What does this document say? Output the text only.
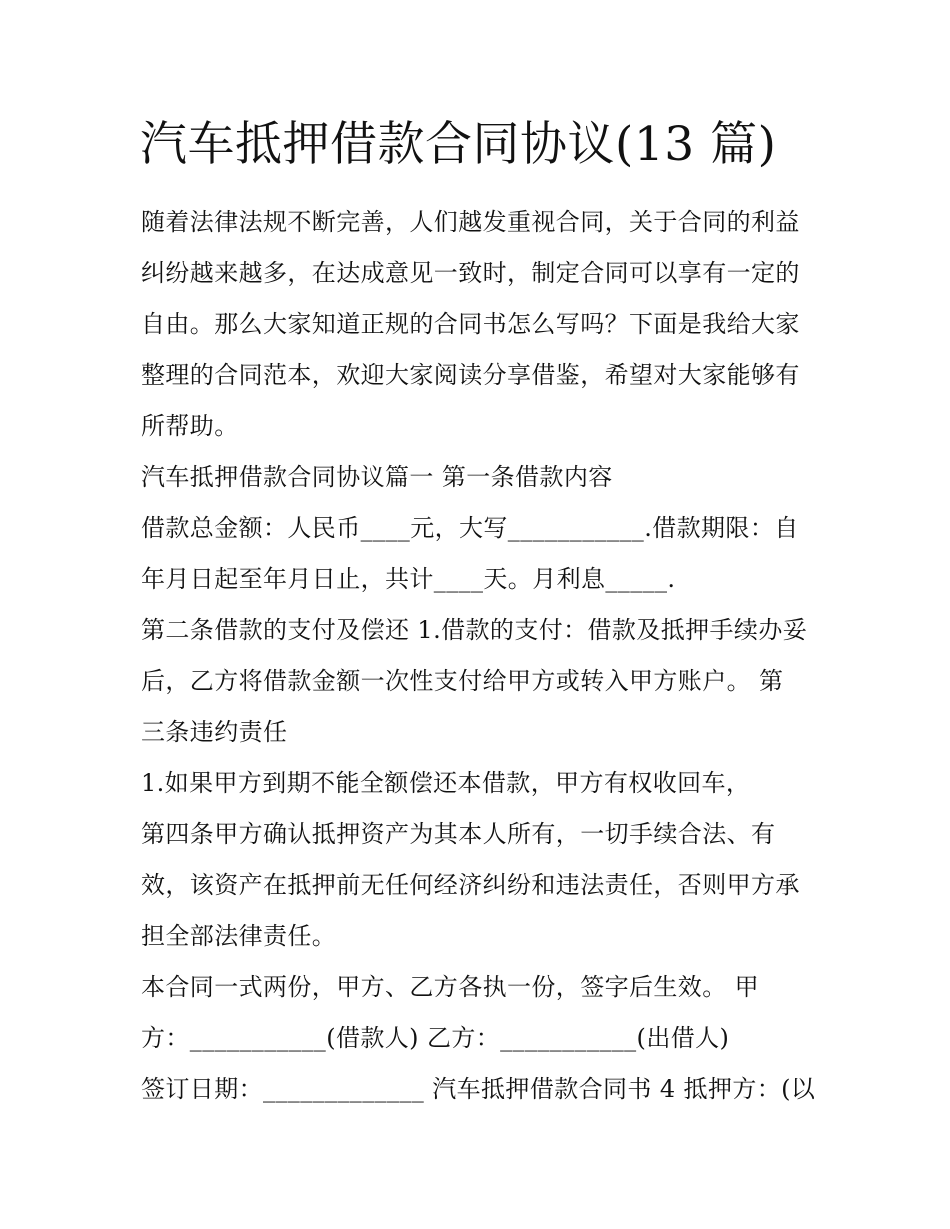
汽车抵押借款合同协议(13 篇)
随着法律法规不断完善，人们越发重视合同，关于合同的利益
纠纷越来越多，在达成意见一致时，制定合同可以享有一定的
自由。那么大家知道正规的合同书怎么写吗？下面是我给大家
整理的合同范本，欢迎大家阅读分享借鉴，希望对大家能够有
所帮助。
汽车抵押借款合同协议篇一 第一条借款内容
借款总金额：人民币____元，大写___________.借款期限：自
年月日起至年月日止，共计____天。月利息_____.
第二条借款的支付及偿还 1.借款的支付：借款及抵押手续办妥
后，乙方将借款金额一次性支付给甲方或转入甲方账户。 第
三条违约责任
1.如果甲方到期不能全额偿还本借款，甲方有权收回车，
第四条甲方确认抵押资产为其本人所有，一切手续合法、有
效，该资产在抵押前无任何经济纠纷和违法责任，否则甲方承
担全部法律责任。
本合同一式两份，甲方、乙方各执一份，签字后生效。 甲
方：___________(借款人) 乙方：___________(出借人)
签订日期：_____________ 汽车抵押借款合同书 4 抵押方：(以
